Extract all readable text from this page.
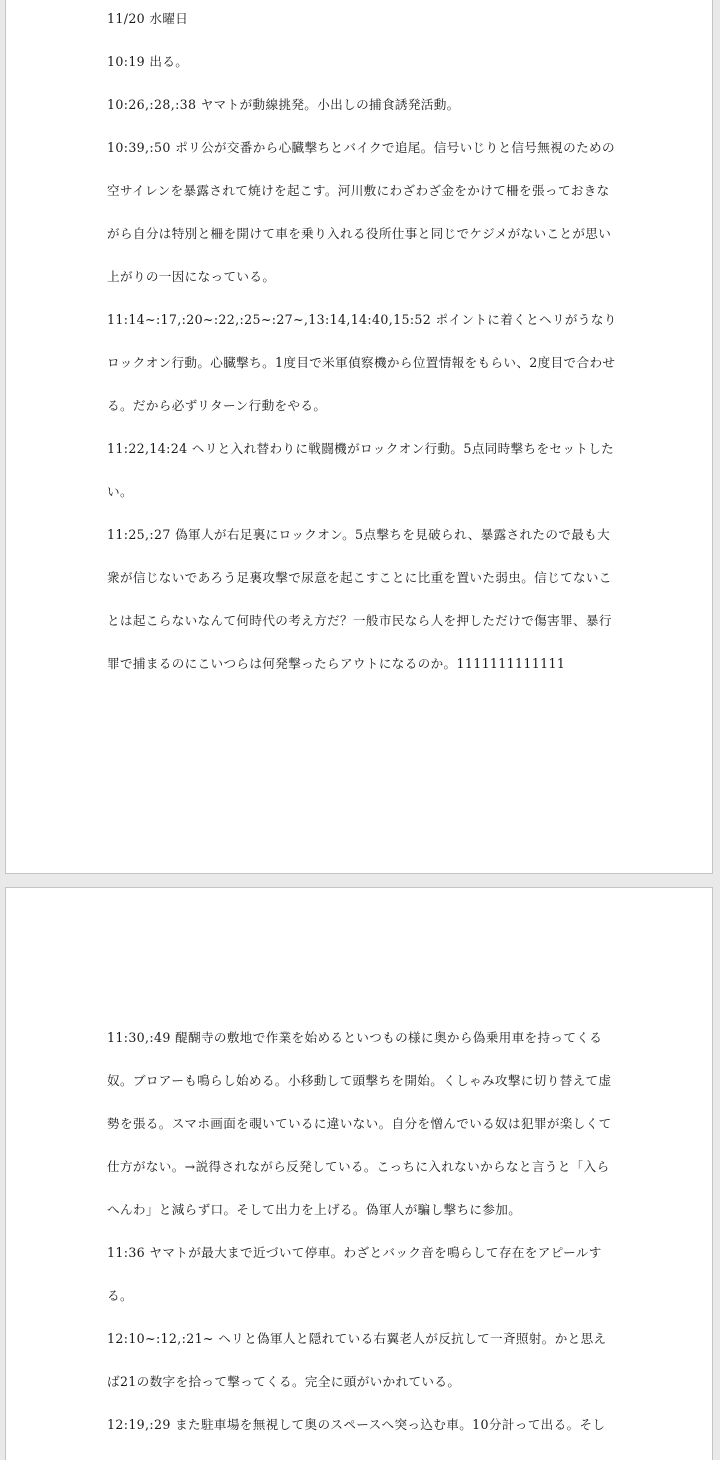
11/20 水曜日

10:19 出る。

10:26,:28,:38 ヤマトが動線挑発。小出しの捕食誘発活動。

10:39,:50 ポリ公が交番から心臓撃ちとバイクで追尾。信号いじりと信号無視のための空サイレンを暴露されて焼けを起こす。河川敷にわざわざ金をかけて柵を張っておきながら自分は特別と柵を開けて車を乗り入れる役所仕事と同じでケジメがないことが思い上がりの一因になっている。

11:14~:17,:20~:22,:25~:27~,13:14,14:40,15:52 ポイントに着くとヘリがうなりロックオン行動。心臓撃ち。1度目で米軍偵察機から位置情報をもらい、2度目で合わせる。だから必ずリターン行動をやる。

11:22,14:24 ヘリと入れ替わりに戦闘機がロックオン行動。5点同時撃ちをセットしたい。

11:25,:27 偽軍人が右足裏にロックオン。5点撃ちを見破られ、暴露されたので最も大衆が信じないであろう足裏攻撃で尿意を起こすことに比重を置いた弱虫。信じてないことは起こらないなんて何時代の考え方だ？一般市民なら人を押しただけで傷害罪、暴行罪で捕まるのにこいつらは何発撃ったらアウトになるのか。1111111111111

11:30,:49 醍醐寺の敷地で作業を始めるといつもの様に奥から偽乗用車を持ってくる奴。ブロアーも鳴らし始める。小移動して頭撃ちを開始。くしゃみ攻撃に切り替えて虚勢を張る。スマホ画面を覗いているに違いない。自分を憎んでいる奴は犯罪が楽しくて仕方がない。→説得されながら反発している。こっちに入れないからなと言うと「入らへんわ」と減らず口。そして出力を上げる。偽軍人が騙し撃ちに参加。

11:36 ヤマトが最大まで近づいて停車。わざとバック音を鳴らして存在をアピールする。

12:10~:12,:21~ ヘリと偽軍人と隠れている右翼老人が反抗して一斉照射。かと思えば21の数字を拾って撃ってくる。完全に頭がいかれている。

12:19,:29 また駐車場を無視して奥のスペースへ突っ込む車。10分計って出る。そし
